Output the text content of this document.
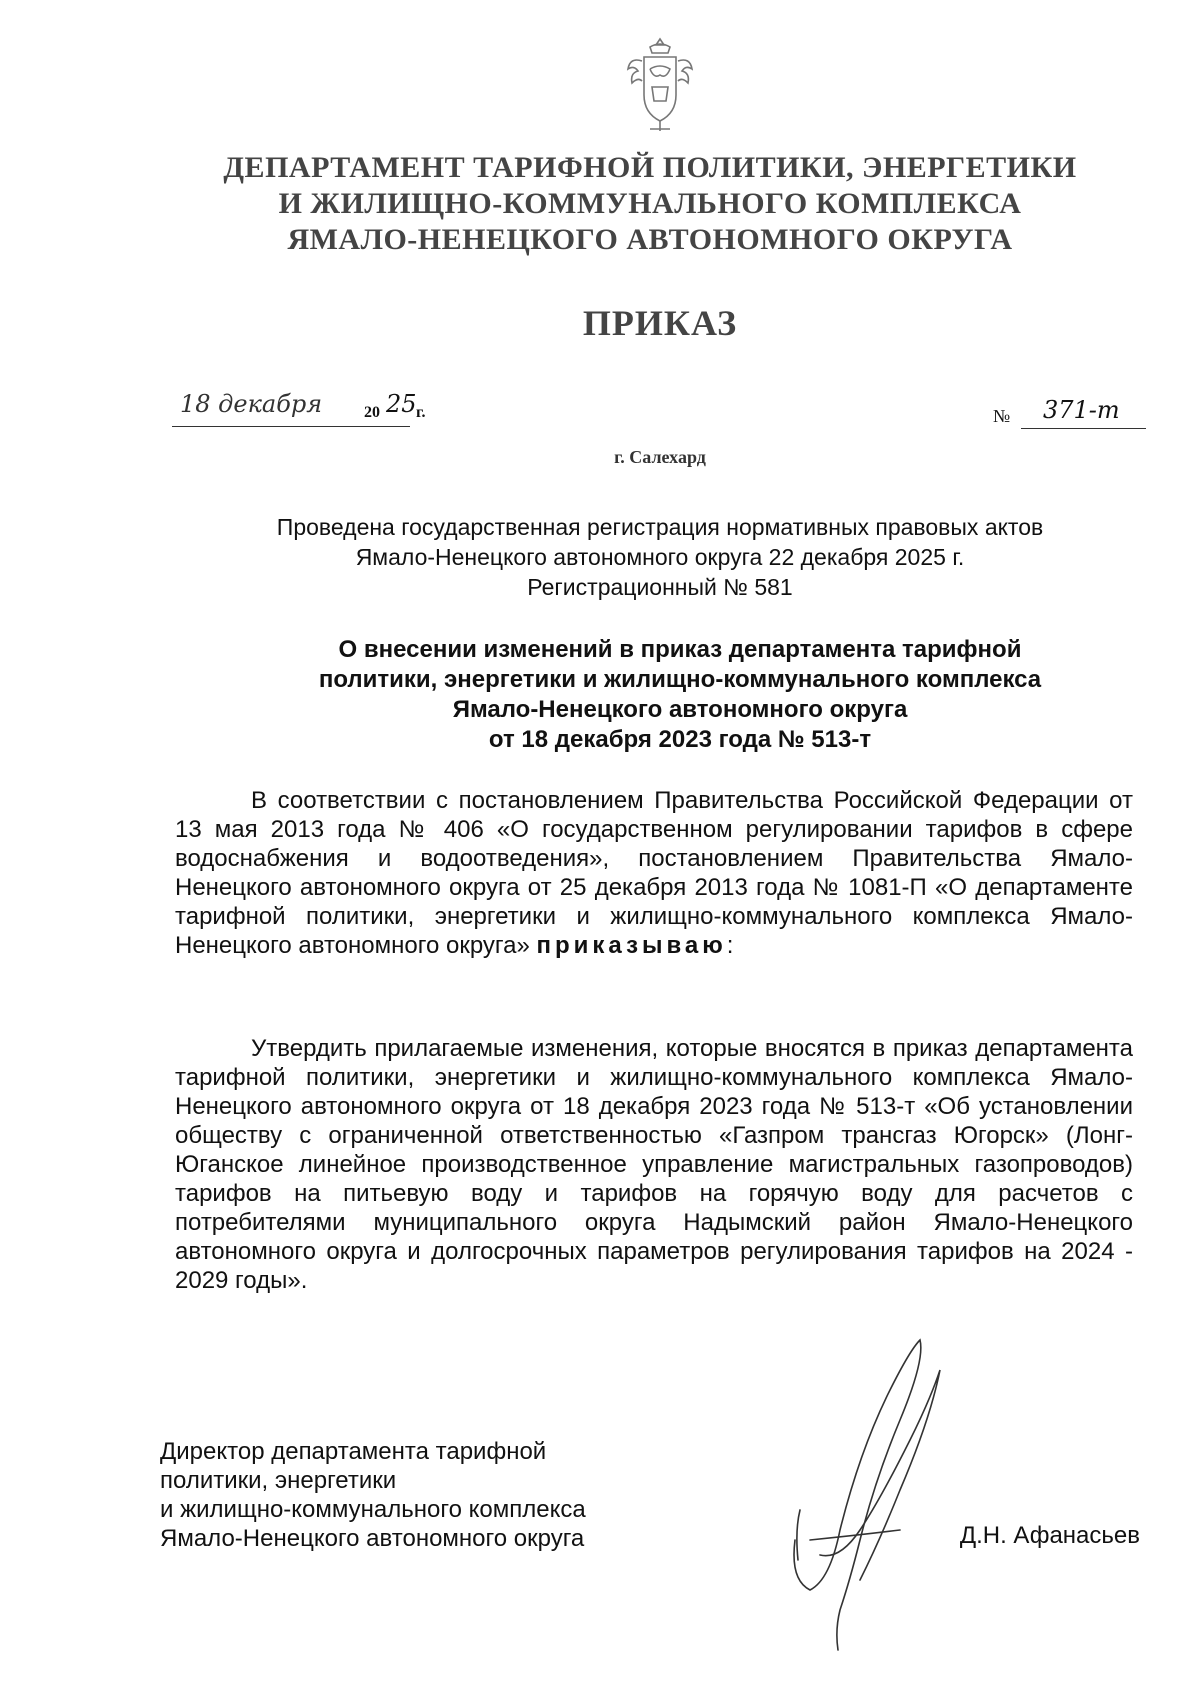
ДЕПАРТАМЕНТ ТАРИФНОЙ ПОЛИТИКИ, ЭНЕРГЕТИКИ
И ЖИЛИЩНО-КОММУНАЛЬНОГО КОМПЛЕКСА
ЯМАЛО-НЕНЕЦКОГО АВТОНОМНОГО ОКРУГА
ПРИКАЗ
18 декабря	20 25 г.	№ 371-т
г. Салехард
Проведена государственная регистрация нормативных правовых актов
Ямало-Ненецкого автономного округа 22 декабря 2025 г.
Регистрационный № 581
О внесении изменений в приказ департамента тарифной
политики, энергетики и жилищно-коммунального комплекса
Ямало-Ненецкого автономного округа
от 18 декабря 2023 года № 513-т
В соответствии с постановлением Правительства Российской Федерации от 13 мая 2013 года № 406 «О государственном регулировании тарифов в сфере водоснабжения и водоотведения», постановлением Правительства Ямало-Ненецкого автономного округа от 25 декабря 2013 года № 1081-П «О департаменте тарифной политики, энергетики и жилищно-коммунального комплекса Ямало-Ненецкого автономного округа» приказываю:
Утвердить прилагаемые изменения, которые вносятся в приказ департамента тарифной политики, энергетики и жилищно-коммунального комплекса Ямало-Ненецкого автономного округа от 18 декабря 2023 года № 513-т «Об установлении обществу с ограниченной ответственностью «Газпром трансгаз Югорск» (Лонг-Юганское линейное производственное управление магистральных газопроводов) тарифов на питьевую воду и тарифов на горячую воду для расчетов с потребителями муниципального округа Надымский район Ямало-Ненецкого автономного округа и долгосрочных параметров регулирования тарифов на 2024 - 2029 годы».
Директор департамента тарифной
политики, энергетики
и жилищно-коммунального комплекса
Ямало-Ненецкого автономного округа	Д.Н. Афанасьев
